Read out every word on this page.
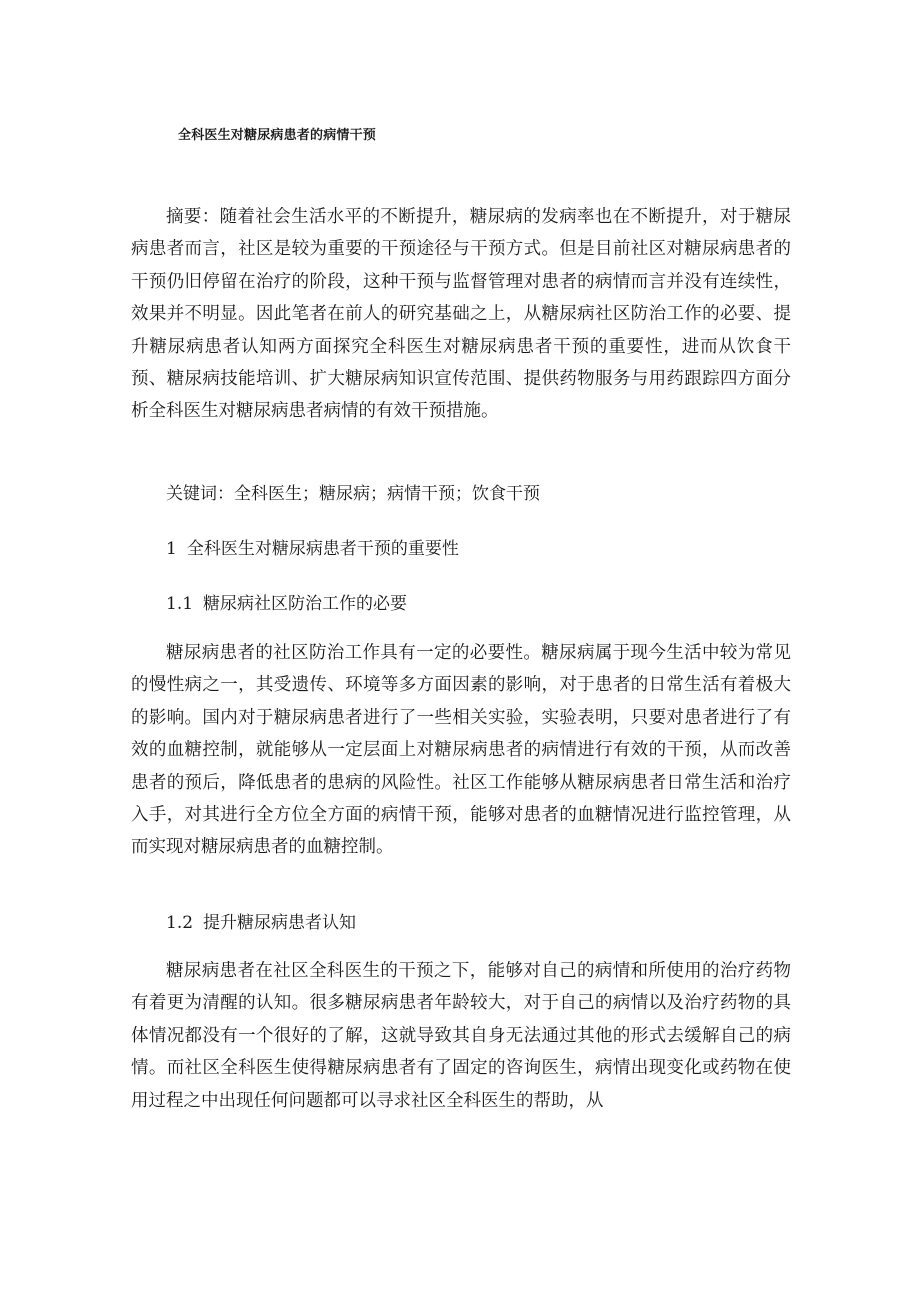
全科医生对糖尿病患者的病情干预

摘要：随着社会生活水平的不断提升，糖尿病的发病率也在不断提升，对于糖尿病患者而言，社区是较为重要的干预途径与干预方式。但是目前社区对糖尿病患者的干预仍旧停留在治疗的阶段，这种干预与监督管理对患者的病情而言并没有连续性，效果并不明显。因此笔者在前人的研究基础之上，从糖尿病社区防治工作的必要、提升糖尿病患者认知两方面探究全科医生对糖尿病患者干预的重要性，进而从饮食干预、糖尿病技能培训、扩大糖尿病知识宣传范围、提供药物服务与用药跟踪四方面分析全科医生对糖尿病患者病情的有效干预措施。

关键词：全科医生；糖尿病；病情干预；饮食干预

1 全科医生对糖尿病患者干预的重要性
1.1 糖尿病社区防治工作的必要

糖尿病患者的社区防治工作具有一定的必要性。糖尿病属于现今生活中较为常见的慢性病之一，其受遗传、环境等多方面因素的影响，对于患者的日常生活有着极大的影响。国内对于糖尿病患者进行了一些相关实验，实验表明，只要对患者进行了有效的血糖控制，就能够从一定层面上对糖尿病患者的病情进行有效的干预，从而改善患者的预后，降低患者的患病的风险性。社区工作能够从糖尿病患者日常生活和治疗入手，对其进行全方位全方面的病情干预，能够对患者的血糖情况进行监控管理，从而实现对糖尿病患者的血糖控制。

1.2 提升糖尿病患者认知

糖尿病患者在社区全科医生的干预之下，能够对自己的病情和所使用的治疗药物有着更为清醒的认知。很多糖尿病患者年龄较大，对于自己的病情以及治疗药物的具体情况都没有一个很好的了解，这就导致其自身无法通过其他的形式去缓解自己的病情。而社区全科医生使得糖尿病患者有了固定的咨询医生，病情出现变化或药物在使用过程之中出现任何问题都可以寻求社区全科医生的帮助，从
